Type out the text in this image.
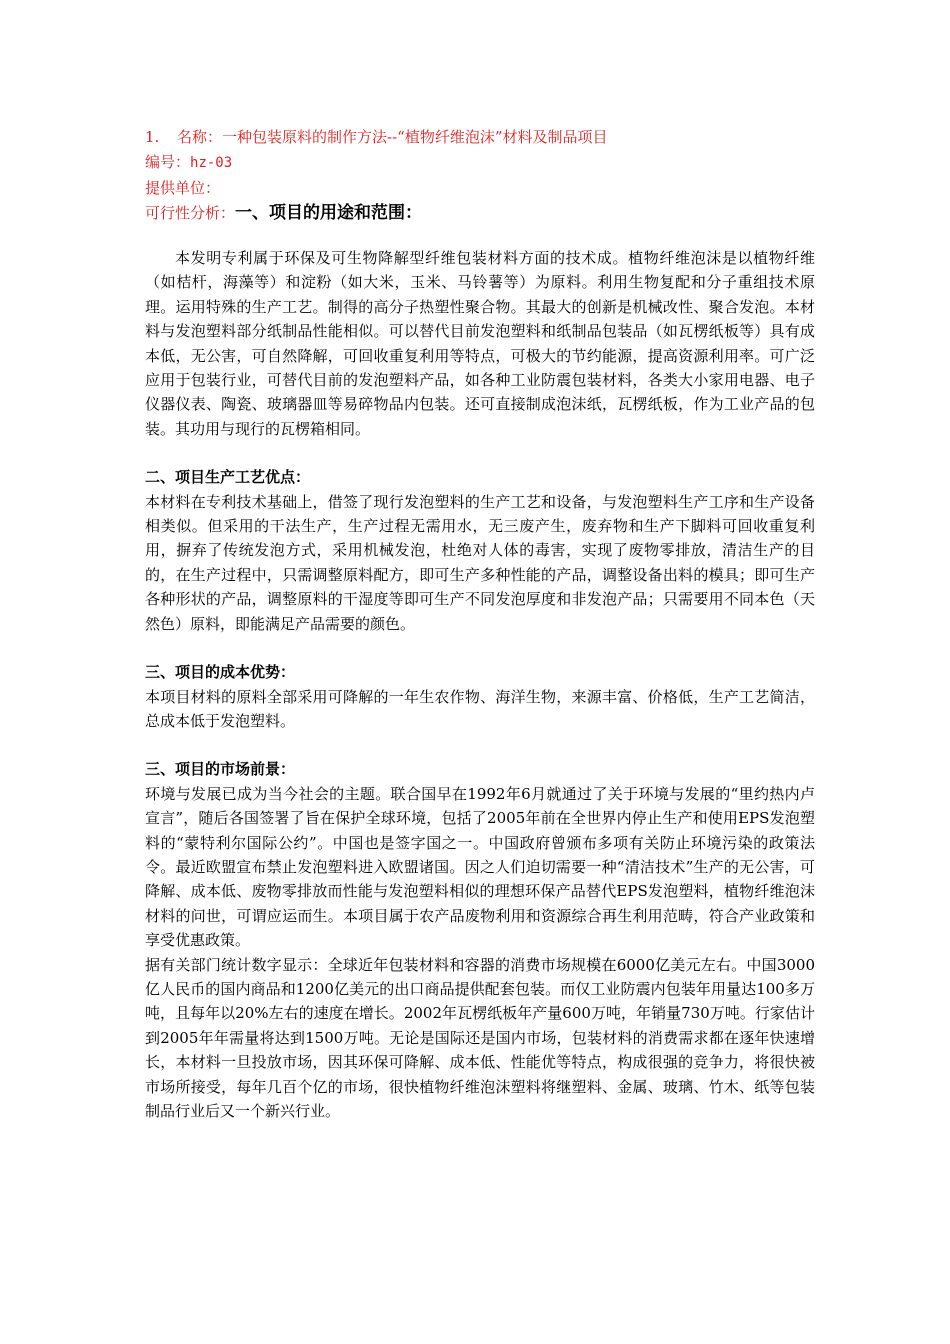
1. 名称：一种包装原料的制作方法--“植物纤维泡沫”材料及制品项目
编号：hz-03
提供单位：
可行性分析：一、项目的用途和范围：

本发明专利属于环保及可生物降解型纤维包装材料方面的技术成。植物纤维泡沫是以植物纤维（如桔杆，海藻等）和淀粉（如大米，玉米、马铃薯等）为原料。利用生物复配和分子重组技术原理。运用特殊的生产工艺。制得的高分子热塑性聚合物。其最大的创新是机械改性、聚合发泡。本材料与发泡塑料部分纸制品性能相似。可以替代目前发泡塑料和纸制品包装品（如瓦楞纸板等）具有成本低，无公害，可自然降解，可回收重复利用等特点，可极大的节约能源，提高资源利用率。可广泛应用于包装行业，可替代目前的发泡塑料产品，如各种工业防震包装材料，各类大小家用电器、电子仪器仪表、陶瓷、玻璃器皿等易碎物品内包装。还可直接制成泡沫纸，瓦楞纸板，作为工业产品的包装。其功用与现行的瓦楞箱相同。

二、项目生产工艺优点：

本材料在专利技术基础上，借签了现行发泡塑料的生产工艺和设备，与发泡塑料生产工序和生产设备相类似。但采用的干法生产，生产过程无需用水，无三废产生，废弃物和生产下脚料可回收重复利用，摒弃了传统发泡方式，采用机械发泡，杜绝对人体的毒害，实现了废物零排放，清洁生产的目的，在生产过程中，只需调整原料配方，即可生产多种性能的产品，调整设备出料的模具；即可生产各种形状的产品，调整原料的干湿度等即可生产不同发泡厚度和非发泡产品；只需要用不同本色（天然色）原料，即能满足产品需要的颜色。

三、项目的成本优势：

本项目材料的原料全部采用可降解的一年生农作物、海洋生物，来源丰富、价格低，生产工艺简洁，总成本低于发泡塑料。

三、项目的市场前景：

环境与发展已成为当今社会的主题。联合国早在1992年6月就通过了关于环境与发展的“里约热内卢宣言”，随后各国签署了旨在保护全球环境，包括了2005年前在全世界内停止生产和使用EPS发泡塑料的“蒙特利尔国际公约”。中国也是签字国之一。中国政府曾颁布多项有关防止环境污染的政策法令。最近欧盟宣布禁止发泡塑料进入欧盟诸国。因之人们迫切需要一种“清洁技术”生产的无公害，可降解、成本低、废物零排放而性能与发泡塑料相似的理想环保产品替代EPS发泡塑料，植物纤维泡沫材料的问世，可谓应运而生。本项目属于农产品废物利用和资源综合再生利用范畴，符合产业政策和享受优惠政策。

据有关部门统计数字显示：全球近年包装材料和容器的消费市场规模在6000亿美元左右。中国3000亿人民币的国内商品和1200亿美元的出口商品提供配套包装。而仅工业防震内包装年用量达100多万吨，且每年以20%左右的速度在增长。2002年瓦楞纸板年产量600万吨，年销量730万吨。行家估计到2005年年需量将达到1500万吨。无论是国际还是国内市场，包装材料的消费需求都在逐年快速增长，本材料一旦投放市场，因其环保可降解、成本低、性能优等特点，构成很强的竞争力，将很快被市场所接受，每年几百个亿的市场，很快植物纤维泡沫塑料将继塑料、金属、玻璃、竹木、纸等包装制品行业后又一个新兴行业。
